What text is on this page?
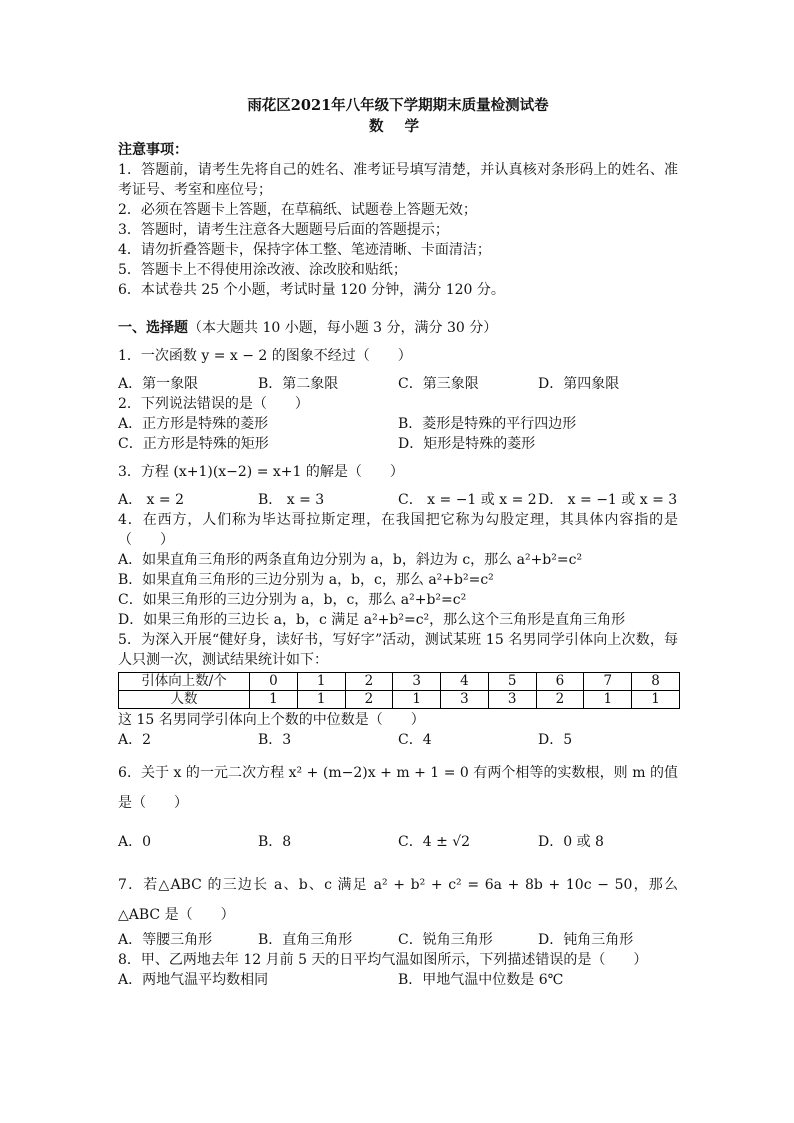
雨花区2021年八年级下学期期末质量检测试卷
数 学
注意事项：
1．答题前，请考生先将自己的姓名、准考证号填写清楚，并认真核对条形码上的姓名、准考证号、考室和座位号；
2．必须在答题卡上答题，在草稿纸、试题卷上答题无效；
3．答题时，请考生注意各大题题号后面的答题提示；
4．请勿折叠答题卡，保持字体工整、笔迹清晰、卡面清洁；
5．答题卡上不得使用涂改液、涂改胶和贴纸；
6．本试卷共 25 个小题，考试时量 120 分钟，满分 120 分。
一、选择题（本大题共 10 小题，每小题 3 分，满分 30 分）
1．一次函数 y = x − 2 的图象不经过（　　）
A．第一象限	B．第二象限	C．第三象限	D．第四象限
2．下列说法错误的是（　　）
A．正方形是特殊的菱形	B．菱形是特殊的平行四边形
C．正方形是特殊的矩形	D．矩形是特殊的菱形
3．方程 (x+1)(x−2) = x+1 的解是（　　）
A． x = 2	B． x = 3	C． x = −1 或 x = 2 D． x = −1 或 x = 3
4．在西方，人们称为毕达哥拉斯定理，在我国把它称为勾股定理，其具体内容指的是（　　）
A．如果直角三角形的两条直角边分别为 a，b，斜边为 c，那么 a²+b²=c²
B．如果直角三角形的三边分别为 a，b，c，那么 a²+b²=c²
C．如果三角形的三边分别为 a，b，c，那么 a²+b²=c²
D．如果三角形的三边长 a，b，c 满足 a²+b²=c²，那么这个三角形是直角三角形
5．为深入开展“健好身，读好书，写好字”活动，测试某班 15 名男同学引体向上次数，每人只测一次，测试结果统计如下：
引体向上数/个	0	1	2	3	4	5	6	7	8
人数	1	1	2	1	3	3	2	1	1
这 15 名男同学引体向上个数的中位数是（　　）
A．2	B．3	C．4	D．5
6．关于 x 的一元二次方程 x² + (m−2)x + m + 1 = 0 有两个相等的实数根，则 m 的值是（　　）
A．0	B．8	C．4 ± √2	D．0 或 8
7．若△ABC 的三边长 a、b、c 满足 a² + b² + c² = 6a + 8b + 10c − 50，那么△ABC 是（　　）
A．等腰三角形	B．直角三角形	C．锐角三角形	D．钝角三角形
8．甲、乙两地去年 12 月前 5 天的日平均气温如图所示，下列描述错误的是（　　）
A．两地气温平均数相同	B．甲地气温中位数是 6℃
